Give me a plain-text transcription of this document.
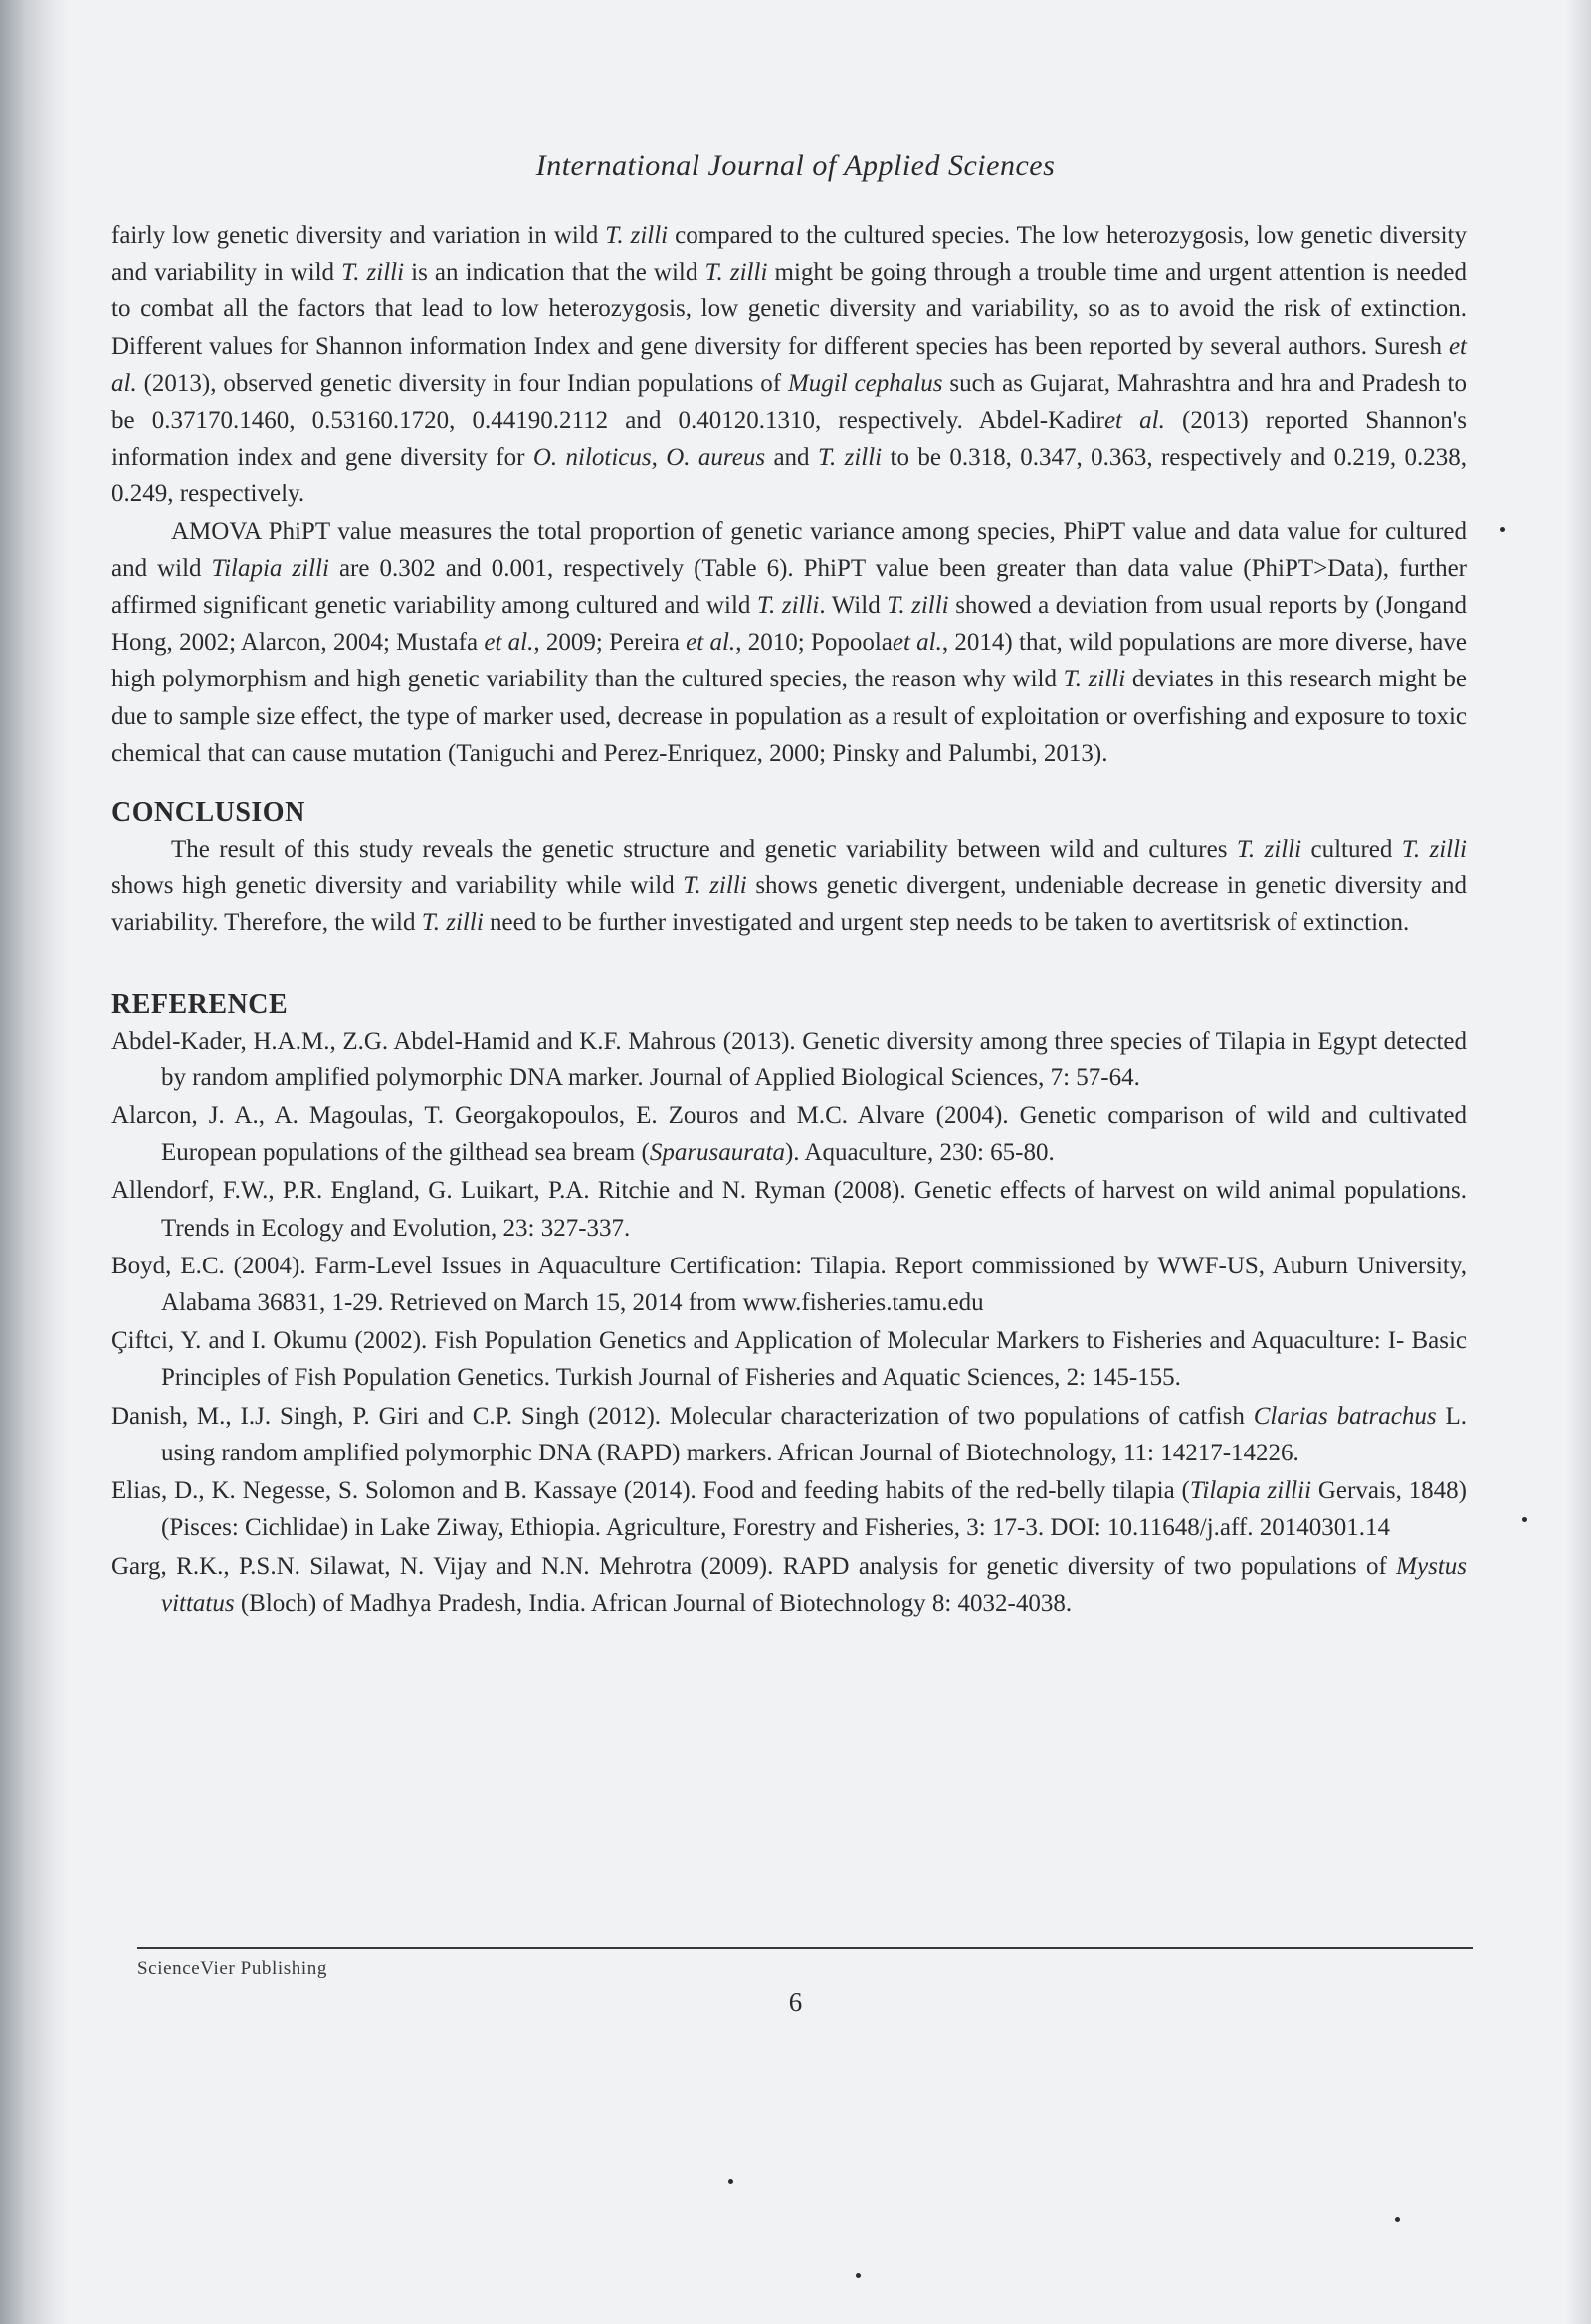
International Journal of Applied Sciences

fairly low genetic diversity and variation in wild T. zilli compared to the cultured species. The low heterozygosis, low genetic diversity and variability in wild T. zilli is an indication that the wild T. zilli might be going through a trouble time and urgent attention is needed to combat all the factors that lead to low heterozygosis, low genetic diversity and variability, so as to avoid the risk of extinction. Different values for Shannon information Index and gene diversity for different species has been reported by several authors. Suresh et al. (2013), observed genetic diversity in four Indian populations of Mugil cephalus such as Gujarat, Mahrashtra and hra and Pradesh to be 0.37170.1460, 0.53160.1720, 0.44190.2112 and 0.40120.1310, respectively. Abdel-Kadiret al. (2013) reported Shannon's information index and gene diversity for O. niloticus, O. aureus and T. zilli to be 0.318, 0.347, 0.363, respectively and 0.219, 0.238, 0.249, respectively.

AMOVA PhiPT value measures the total proportion of genetic variance among species, PhiPT value and data value for cultured and wild Tilapia zilli are 0.302 and 0.001, respectively (Table 6). PhiPT value been greater than data value (PhiPT>Data), further affirmed significant genetic variability among cultured and wild T. zilli. Wild T. zilli showed a deviation from usual reports by (Jongand Hong, 2002; Alarcon, 2004; Mustafa et al., 2009; Pereira et al., 2010; Popoolaet al., 2014) that, wild populations are more diverse, have high polymorphism and high genetic variability than the cultured species, the reason why wild T. zilli deviates in this research might be due to sample size effect, the type of marker used, decrease in population as a result of exploitation or overfishing and exposure to toxic chemical that can cause mutation (Taniguchi and Perez-Enriquez, 2000; Pinsky and Palumbi, 2013).

CONCLUSION

The result of this study reveals the genetic structure and genetic variability between wild and cultures T. zilli cultured T. zilli shows high genetic diversity and variability while wild T. zilli shows genetic divergent, undeniable decrease in genetic diversity and variability. Therefore, the wild T. zilli need to be further investigated and urgent step needs to be taken to avertitsrisk of extinction.

REFERENCE
Abdel-Kader, H.A.M., Z.G. Abdel-Hamid and K.F. Mahrous (2013). Genetic diversity among three species of Tilapia in Egypt detected by random amplified polymorphic DNA marker. Journal of Applied Biological Sciences, 7: 57-64.
Alarcon, J. A., A. Magoulas, T. Georgakopoulos, E. Zouros and M.C. Alvare (2004). Genetic comparison of wild and cultivated European populations of the gilthead sea bream (Sparusaurata). Aquaculture, 230: 65-80.
Allendorf, F.W., P.R. England, G. Luikart, P.A. Ritchie and N. Ryman (2008). Genetic effects of harvest on wild animal populations. Trends in Ecology and Evolution, 23: 327-337.
Boyd, E.C. (2004). Farm-Level Issues in Aquaculture Certification: Tilapia. Report commissioned by WWF-US, Auburn University, Alabama 36831, 1-29. Retrieved on March 15, 2014 from www.fisheries.tamu.edu
Çiftci, Y. and I. Okumu (2002). Fish Population Genetics and Application of Molecular Markers to Fisheries and Aquaculture: I- Basic Principles of Fish Population Genetics. Turkish Journal of Fisheries and Aquatic Sciences, 2: 145-155.
Danish, M., I.J. Singh, P. Giri and C.P. Singh (2012). Molecular characterization of two populations of catfish Clarias batrachus L. using random amplified polymorphic DNA (RAPD) markers. African Journal of Biotechnology, 11: 14217-14226.
Elias, D., K. Negesse, S. Solomon and B. Kassaye (2014). Food and feeding habits of the red-belly tilapia (Tilapia zillii Gervais, 1848) (Pisces: Cichlidae) in Lake Ziway, Ethiopia. Agriculture, Forestry and Fisheries, 3: 17-3. DOI: 10.11648/j.aff. 20140301.14
Garg, R.K., P.S.N. Silawat, N. Vijay and N.N. Mehrotra (2009). RAPD analysis for genetic diversity of two populations of Mystus vittatus (Bloch) of Madhya Pradesh, India. African Journal of Biotechnology 8: 4032-4038.
ScienceVier Publishing
6
